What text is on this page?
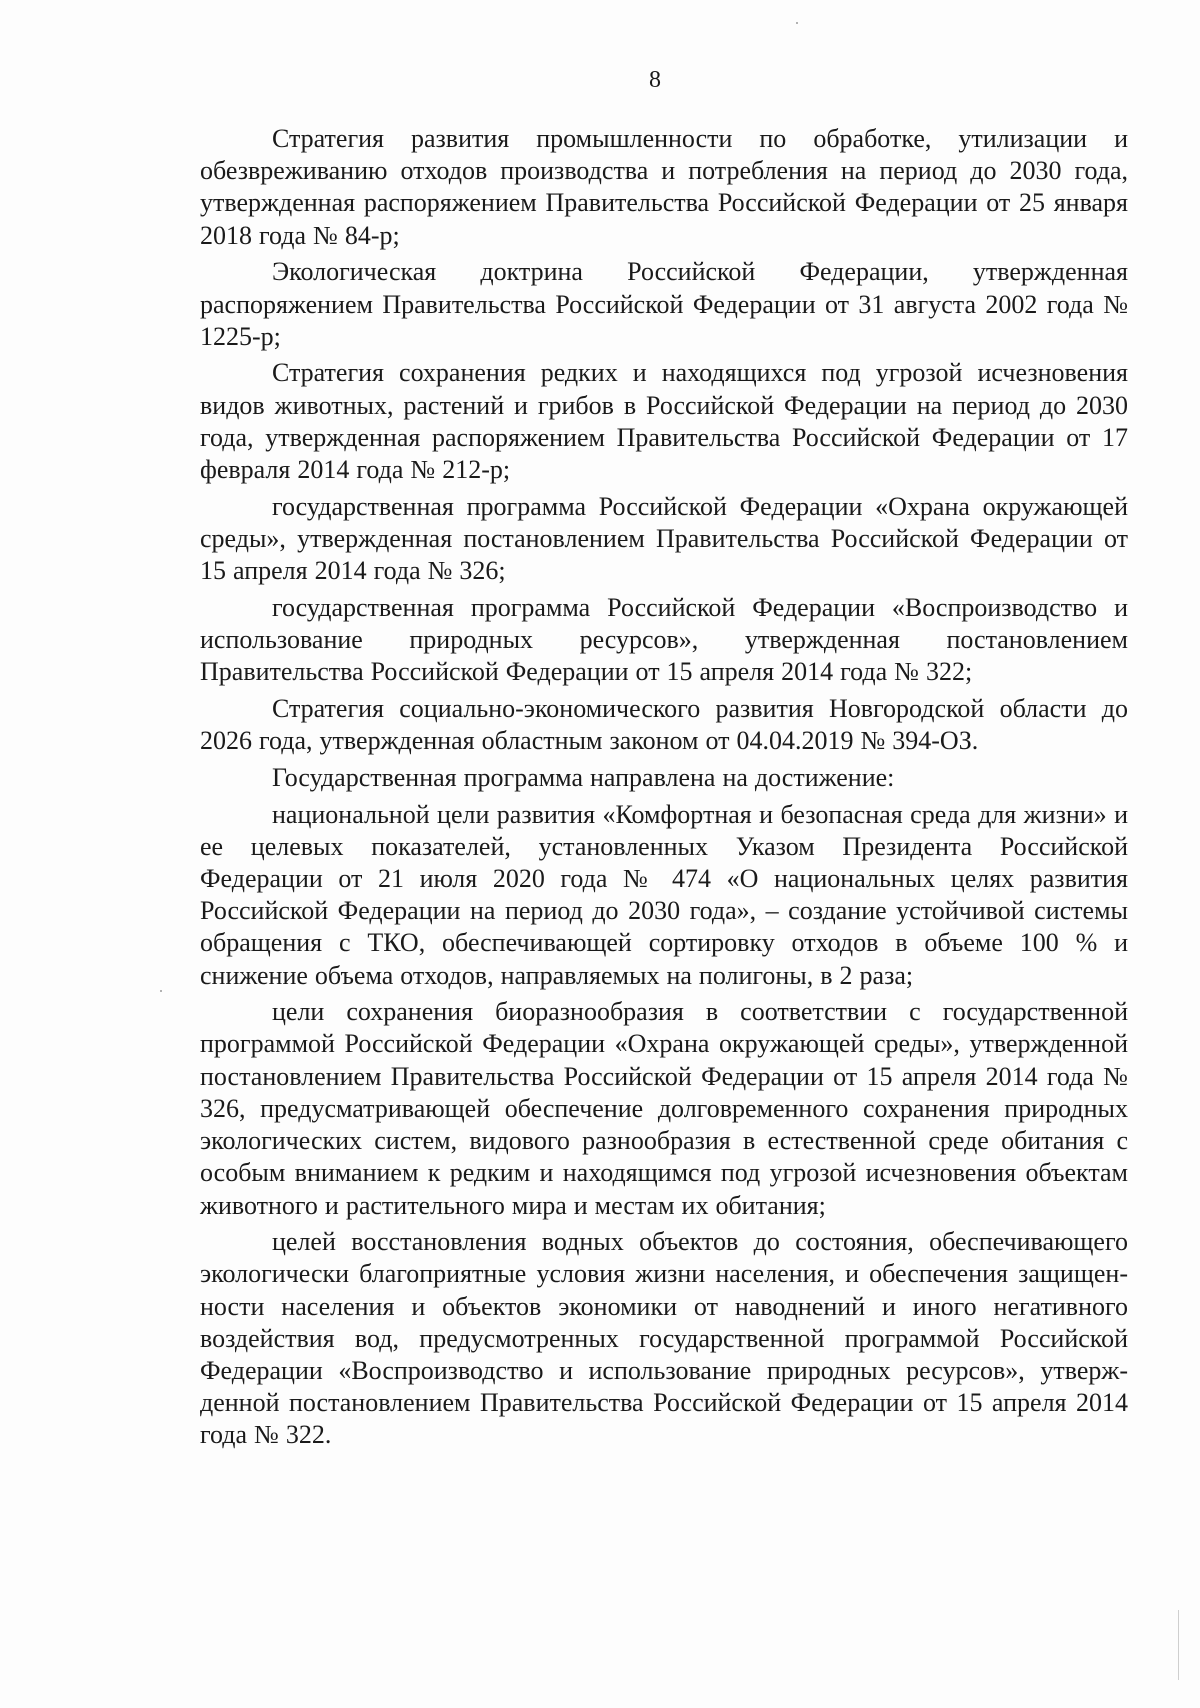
8

Стратегия развития промышленности по обработке, утилизации и обезвреживанию отходов производства и потребления на период до 2030 года, утвержденная распоряжением Правительства Российской Федерации от 25 января 2018 года № 84-р;

Экологическая доктрина Российской Федерации, утвержденная распоряжением Правительства Российской Федерации от 31 августа 2002 года № 1225-р;

Стратегия сохранения редких и находящихся под угрозой исчезновения видов животных, растений и грибов в Российской Федерации на период до 2030 года, утвержденная распоряжением Правительства Российской Федерации от 17 февраля 2014 года № 212-р;

государственная программа Российской Федерации «Охрана окружающей среды», утвержденная постановлением Правительства Российской Федерации от 15 апреля 2014 года № 326;

государственная программа Российской Федерации «Воспроизводство и использование природных ресурсов», утвержденная постановлением Правительства Российской Федерации от 15 апреля 2014 года № 322;

Стратегия социально-экономического развития Новгородской области до 2026 года, утвержденная областным законом от 04.04.2019 № 394-ОЗ.

Государственная программа направлена на достижение:

национальной цели развития «Комфортная и безопасная среда для жизни» и ее целевых показателей, установленных Указом Президента Российской Федерации от 21 июля 2020 года № 474 «О национальных целях развития Российской Федерации на период до 2030 года», – создание устойчивой системы обращения с ТКО, обеспечивающей сортировку отходов в объеме 100 % и снижение объема отходов, направляемых на полигоны, в 2 раза;

цели сохранения биоразнообразия в соответствии с государственной программой Российской Федерации «Охрана окружающей среды», утвержденной постановлением Правительства Российской Федерации от 15 апреля 2014 года № 326, предусматривающей обеспечение долговременного сохранения природных экологических систем, видового разнообразия в естественной среде обитания с особым вниманием к редким и находящимся под угрозой исчезновения объектам животного и растительного мира и местам их обитания;

целей восстановления водных объектов до состояния, обеспечивающего экологически благоприятные условия жизни населения, и обеспечения защищенности населения и объектов экономики от наводнений и иного негативного воздействия вод, предусмотренных государственной программой Российской Федерации «Воспроизводство и использование природных ресурсов», утвержденной постановлением Правительства Российской Федерации от 15 апреля 2014 года № 322.
